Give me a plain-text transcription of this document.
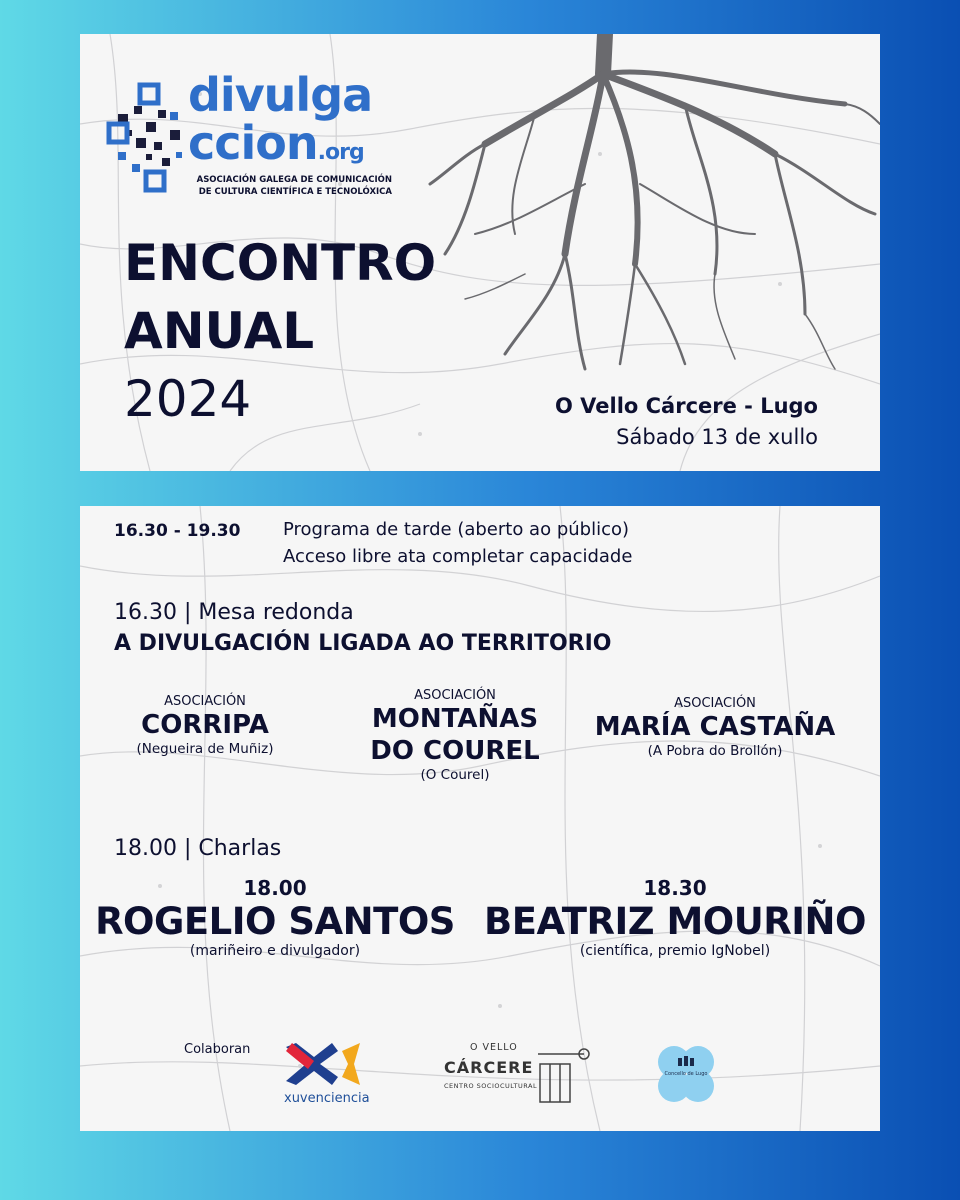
divulga
ccion.org
ASOCIACIÓN GALEGA DE COMUNICACIÓN
DE CULTURA CIENTÍFICA E TECNOLÓXICA
ENCONTRO
ANUAL
2024	O Vello Cárcere - Lugo
Sábado 13 de xullo
16.30 - 19.30 Programa de tarde (aberto ao público)
Acceso libre ata completar capacidade
16.30 | Mesa redonda
A DIVULGACIÓN LIGADA AO TERRITORIO
ASOCIACIÓN
CORRIPA
(Negueira de Muñiz)
ASOCIACIÓN
MONTAÑAS
DO COUREL
(O Courel)
ASOCIACIÓN
MARÍA CASTAÑA
(A Pobra do Brollón)
18.00 | Charlas
18.00
ROGELIO SANTOS
(mariñeiro e divulgador)
18.30
BEATRIZ MOURIÑO
(científica, premio IgNobel)
Colaboran
xuvenciencia
O VELLO
CÁRCERE
CENTRO SOCIOCULTURAL
Concello de Lugo
